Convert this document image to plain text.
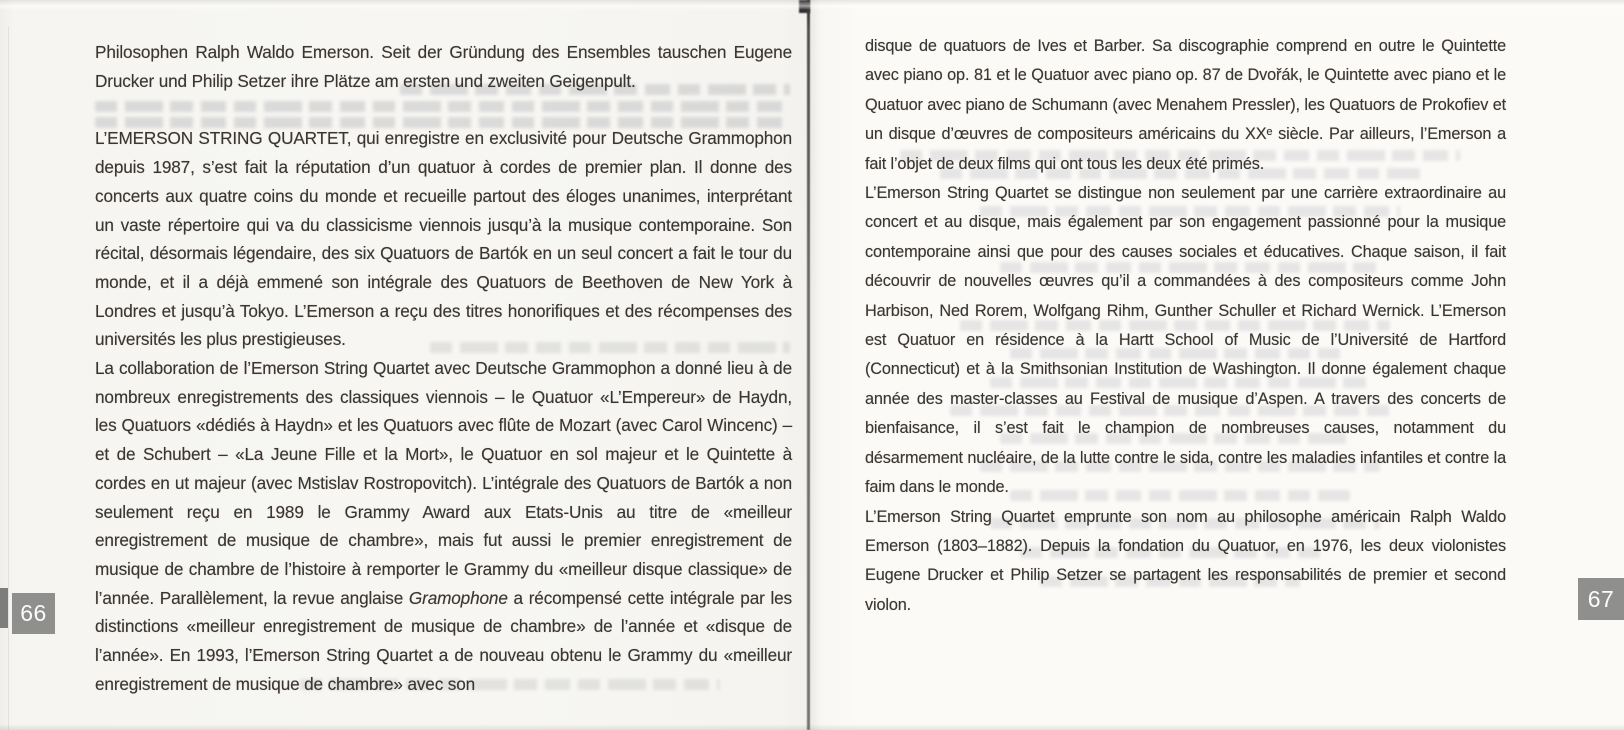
Philosophen Ralph Waldo Emerson. Seit der Gründung des Ensembles tauschen Eugene Drucker und Philip Setzer ihre Plätze am ersten und zweiten Geigenpult.

L’EMERSON STRING QUARTET, qui enregistre en exclusivité pour Deutsche Grammophon depuis 1987, s’est fait la réputation d’un quatuor à cordes de premier plan. Il donne des concerts aux quatre coins du monde et recueille partout des éloges unanimes, interprétant un vaste répertoire qui va du classicisme viennois jusqu’à la musique contemporaine. Son récital, désormais légendaire, des six Quatuors de Bartók en un seul concert a fait le tour du monde, et il a déjà emmené son intégrale des Quatuors de Beethoven de New York à Londres et jusqu’à Tokyo. L’Emerson a reçu des titres honorifiques et des récompenses des universités les plus prestigieuses.

La collaboration de l’Emerson String Quartet avec Deutsche Grammophon a donné lieu à de nombreux enregistrements des classiques viennois – le Quatuor «L’Empereur» de Haydn, les Quatuors «dédiés à Haydn» et les Quatuors avec flûte de Mozart (avec Carol Wincenc) – et de Schubert – «La Jeune Fille et la Mort», le Quatuor en sol majeur et le Quintette à cordes en ut majeur (avec Mstislav Rostropovitch). L’intégrale des Quatuors de Bartók a non seulement reçu en 1989 le Grammy Award aux Etats-Unis au titre de «meilleur enregistrement de musique de chambre», mais fut aussi le premier enregistrement de musique de chambre de l’histoire à remporter le Grammy du «meilleur disque classique» de l’année. Parallèlement, la revue anglaise Gramophone a récompensé cette intégrale par les distinctions «meilleur enregistrement de musique de chambre» de l’année et «disque de l’année». En 1993, l’Emerson String Quartet a de nouveau obtenu le Grammy du «meilleur enregistrement de musique de chambre» avec son

disque de quatuors de Ives et Barber. Sa discographie comprend en outre le Quintette avec piano op. 81 et le Quatuor avec piano op. 87 de Dvořák, le Quintette avec piano et le Quatuor avec piano de Schumann (avec Menahem Pressler), les Quatuors de Prokofiev et un disque d’œuvres de compositeurs américains du XXᵉ siècle. Par ailleurs, l’Emerson a fait l’objet de deux films qui ont tous les deux été primés.

L’Emerson String Quartet se distingue non seulement par une carrière extraordinaire au concert et au disque, mais également par son engagement passionné pour la musique contemporaine ainsi que pour des causes sociales et éducatives. Chaque saison, il fait découvrir de nouvelles œuvres qu’il a commandées à des compositeurs comme John Harbison, Ned Rorem, Wolfgang Rihm, Gunther Schuller et Richard Wernick. L’Emerson est Quatuor en résidence à la Hartt School of Music de l’Université de Hartford (Connecticut) et à la Smithsonian Institution de Washington. Il donne également chaque année des master-classes au Festival de musique d’Aspen. A travers des concerts de bienfaisance, il s’est fait le champion de nombreuses causes, notamment du désarmement nucléaire, de la lutte contre le sida, contre les maladies infantiles et contre la faim dans le monde.

L’Emerson String Quartet emprunte son nom au philosophe américain Ralph Waldo Emerson (1803–1882). Depuis la fondation du Quatuor, en 1976, les deux violonistes Eugene Drucker et Philip Setzer se partagent les responsabilités de premier et second violon.

66
67
